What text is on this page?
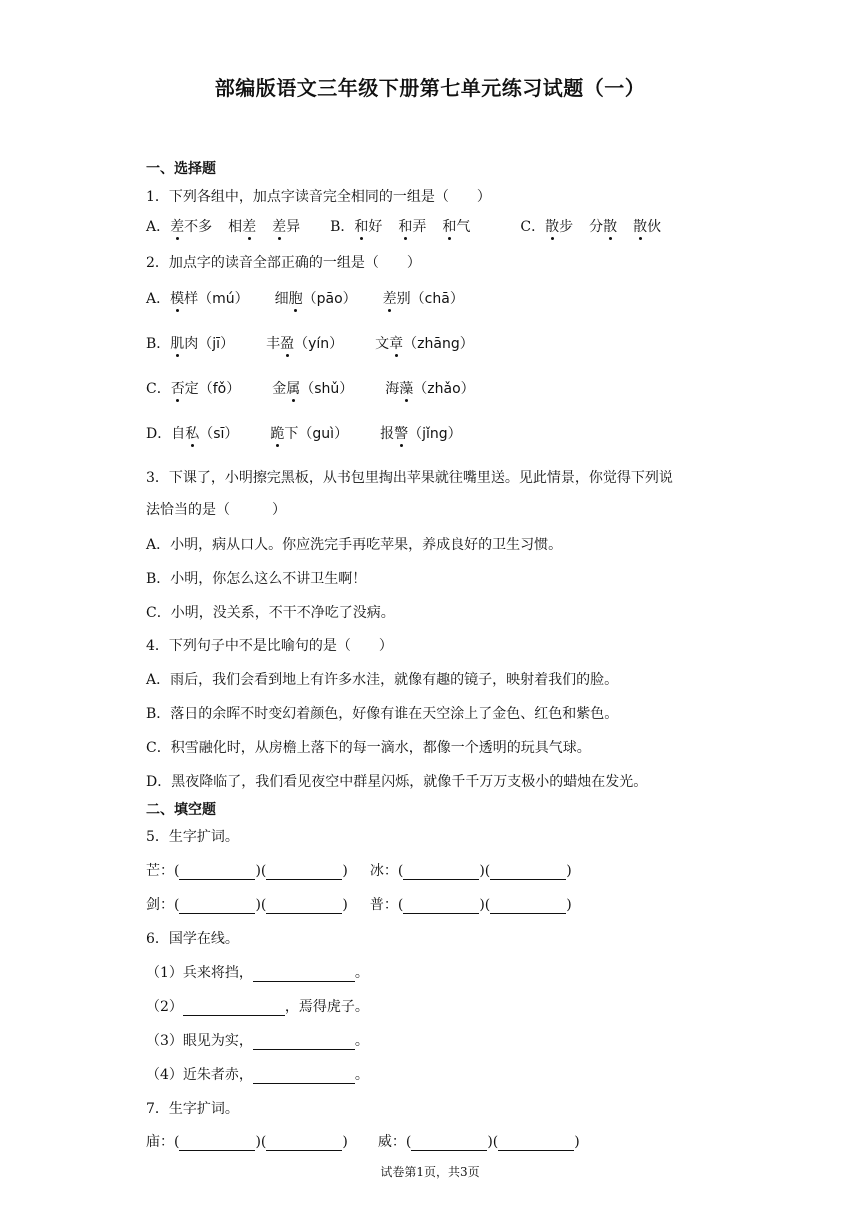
部编版语文三年级下册第七单元练习试题（一）
一、选择题
1．下列各组中，加点字读音完全相同的一组是（　　）
A．差不多 相差 差异 B．和好 和弄 和气	C．散步 分散 散伙
2．加点字的读音全部正确的一组是（　　）
A．模样（mú） 细胞（pāo） 差别（chā）
B．肌肉（jī） 丰盈（yín） 文章（zhāng）
C．否定（fǒ） 金属（shǔ） 海藻（zhǎo）
D．自私（sī） 跪下（guì） 报警（jǐng）
3．下课了，小明擦完黑板，从书包里掏出苹果就往嘴里送。见此情景，你觉得下列说
法恰当的是（　　　）
A．小明，病从口人。你应洗完手再吃苹果，养成良好的卫生习惯。
B．小明，你怎么这么不讲卫生啊！
C．小明，没关系，不干不净吃了没病。
4．下列句子中不是比喻句的是（　　）
A．雨后，我们会看到地上有许多水洼，就像有趣的镜子，映射着我们的脸。
B．落日的余晖不时变幻着颜色，好像有谁在天空涂上了金色、红色和紫色。
C．积雪融化时，从房檐上落下的每一滴水，都像一个透明的玩具气球。
D．黑夜降临了，我们看见夜空中群星闪烁，就像千千万万支极小的蜡烛在发光。
二、填空题
5．生字扩词。
芒：(	)(	) 冰：(	)(	)
剑：(	)(	) 普：(	)(	)
6．国学在线。
（1）兵来将挡，	。
（2）	，焉得虎子。
（3）眼见为实，	。
（4）近朱者赤，	。
7．生字扩词。
庙：(	)(	) 威：(	)(	)
试卷第1页，共3页
